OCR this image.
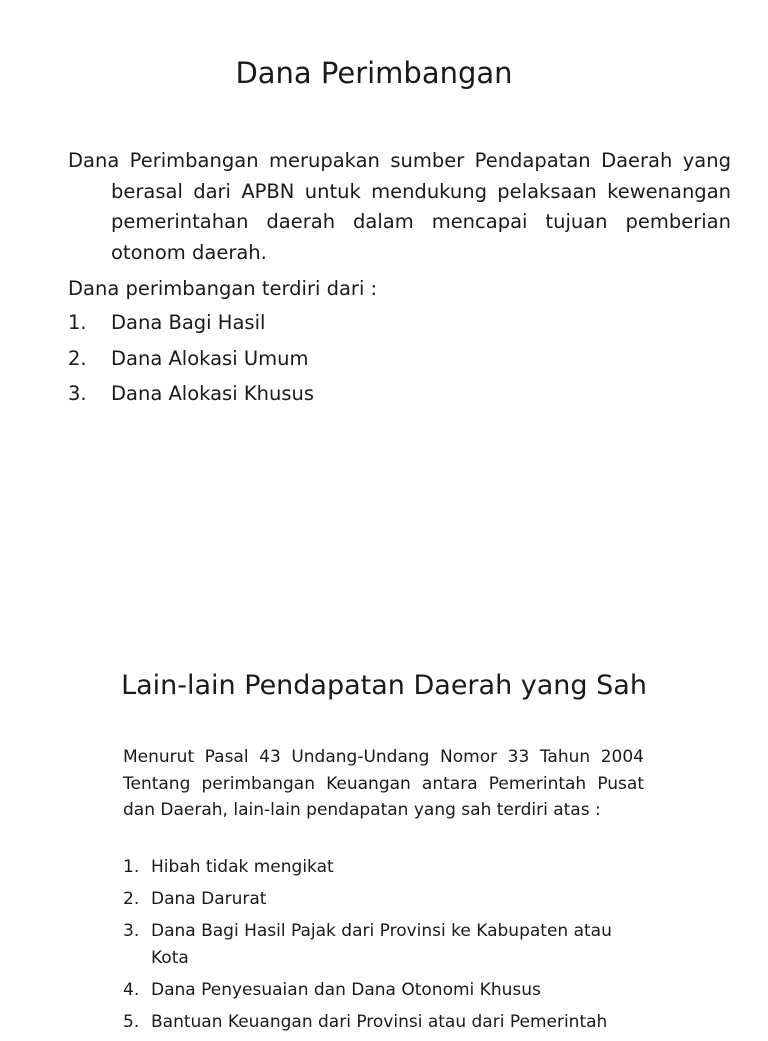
Dana Perimbangan

Dana Perimbangan merupakan sumber Pendapatan Daerah yang berasal dari APBN untuk mendukung pelaksaan kewenangan pemerintahan daerah dalam mencapai tujuan pemberian otonom daerah.

Dana perimbangan terdiri dari :

1.	Dana Bagi Hasil
2.	Dana Alokasi Umum
3.	Dana Alokasi Khusus
Lain-lain Pendapatan Daerah yang Sah

Menurut Pasal 43 Undang-Undang Nomor 33 Tahun 2004 Tentang perimbangan Keuangan antara Pemerintah Pusat dan Daerah, lain-lain pendapatan yang sah terdiri atas :

1. Hibah tidak mengikat
2. Dana Darurat
3. Dana Bagi Hasil Pajak dari Provinsi ke Kabupaten atau Kota
4. Dana Penyesuaian dan Dana Otonomi Khusus
5. Bantuan Keuangan dari Provinsi atau dari Pemerintah
